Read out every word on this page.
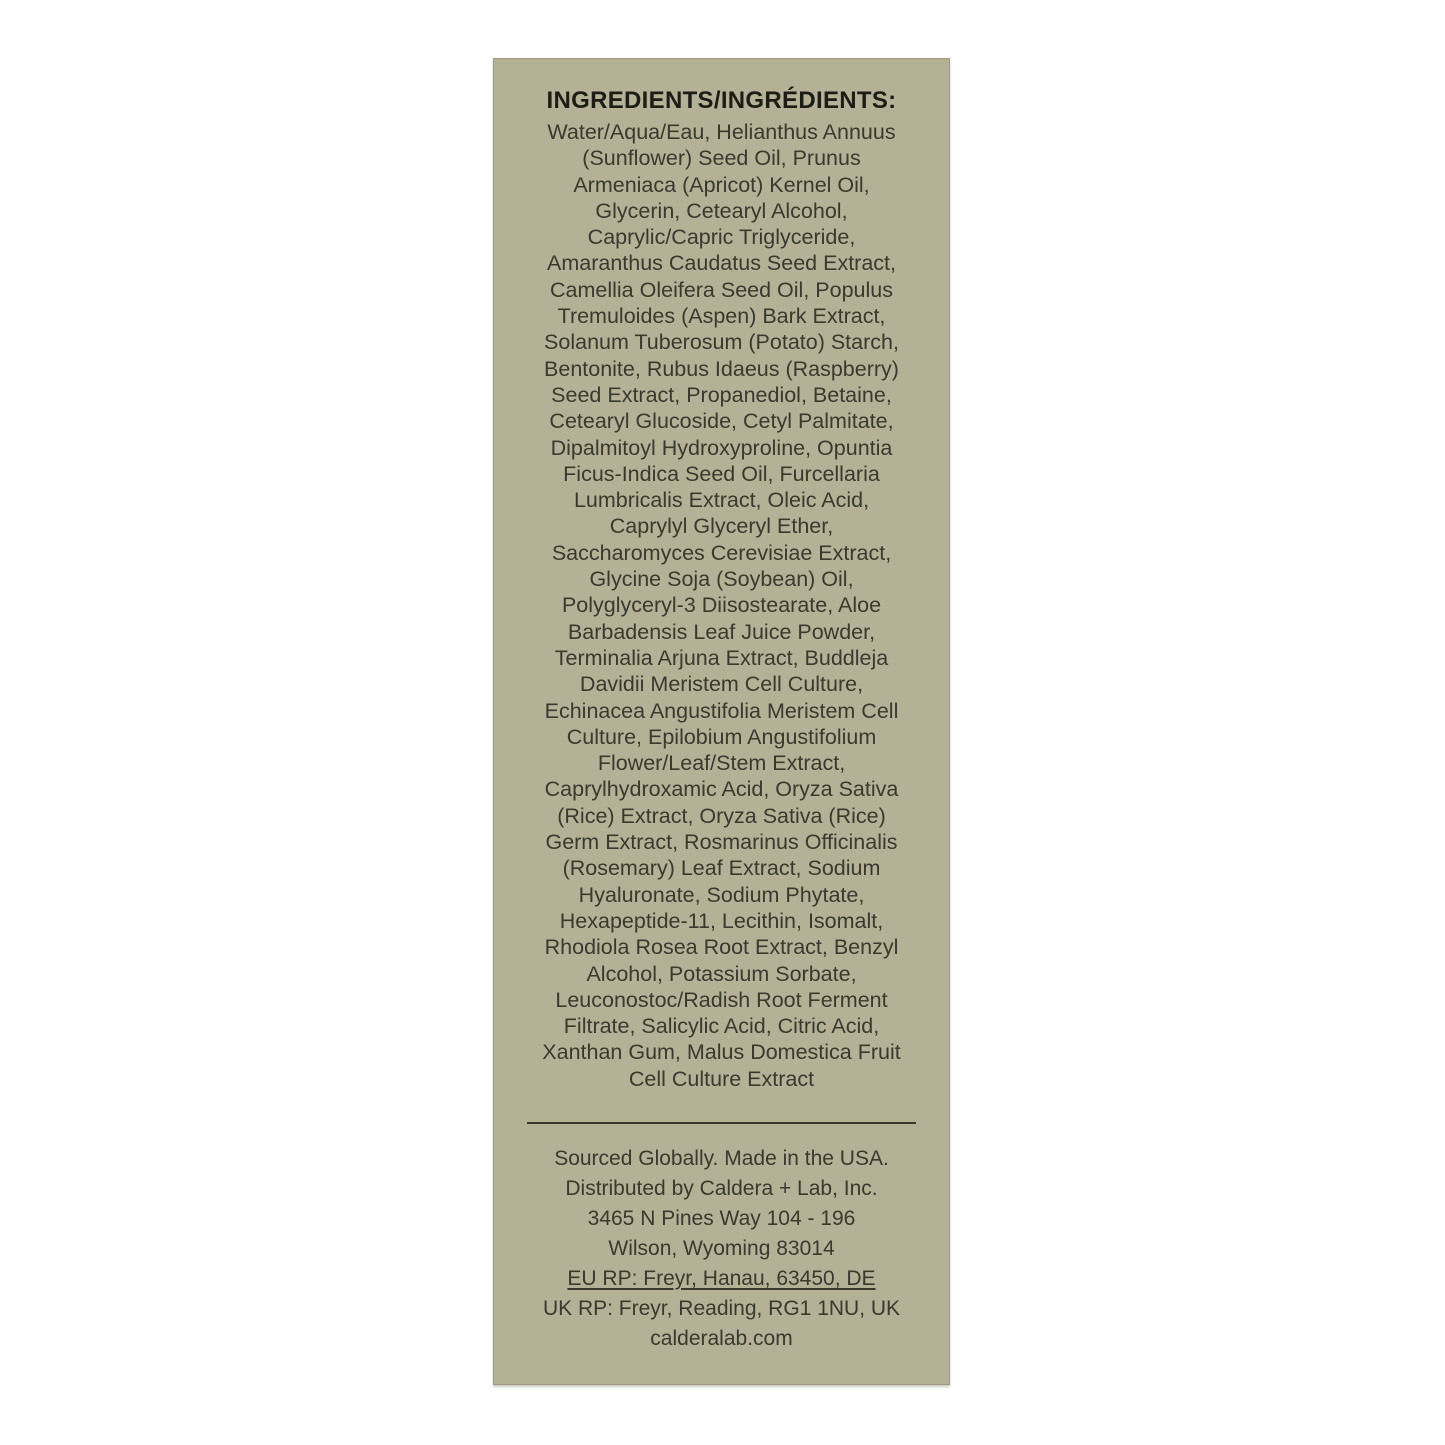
INGREDIENTS/INGRÉDIENTS:
Water/Aqua/Eau, Helianthus Annuus
(Sunflower) Seed Oil, Prunus
Armeniaca (Apricot) Kernel Oil,
Glycerin, Cetearyl Alcohol,
Caprylic/Capric Triglyceride,
Amaranthus Caudatus Seed Extract,
Camellia Oleifera Seed Oil, Populus
Tremuloides (Aspen) Bark Extract,
Solanum Tuberosum (Potato) Starch,
Bentonite, Rubus Idaeus (Raspberry)
Seed Extract, Propanediol, Betaine,
Cetearyl Glucoside, Cetyl Palmitate,
Dipalmitoyl Hydroxyproline, Opuntia
Ficus-Indica Seed Oil, Furcellaria
Lumbricalis Extract, Oleic Acid,
Caprylyl Glyceryl Ether,
Saccharomyces Cerevisiae Extract,
Glycine Soja (Soybean) Oil,
Polyglyceryl-3 Diisostearate, Aloe
Barbadensis Leaf Juice Powder,
Terminalia Arjuna Extract, Buddleja
Davidii Meristem Cell Culture,
Echinacea Angustifolia Meristem Cell
Culture, Epilobium Angustifolium
Flower/Leaf/Stem Extract,
Caprylhydroxamic Acid, Oryza Sativa
(Rice) Extract, Oryza Sativa (Rice)
Germ Extract, Rosmarinus Officinalis
(Rosemary) Leaf Extract, Sodium
Hyaluronate, Sodium Phytate,
Hexapeptide-11, Lecithin, Isomalt,
Rhodiola Rosea Root Extract, Benzyl
Alcohol, Potassium Sorbate,
Leuconostoc/Radish Root Ferment
Filtrate, Salicylic Acid, Citric Acid,
Xanthan Gum, Malus Domestica Fruit
Cell Culture Extract
Sourced Globally. Made in the USA.
Distributed by Caldera + Lab, Inc.
3465 N Pines Way 104 - 196
Wilson, Wyoming 83014
EU RP: Freyr, Hanau, 63450, DE
UK RP: Freyr, Reading, RG1 1NU, UK
calderalab.com
